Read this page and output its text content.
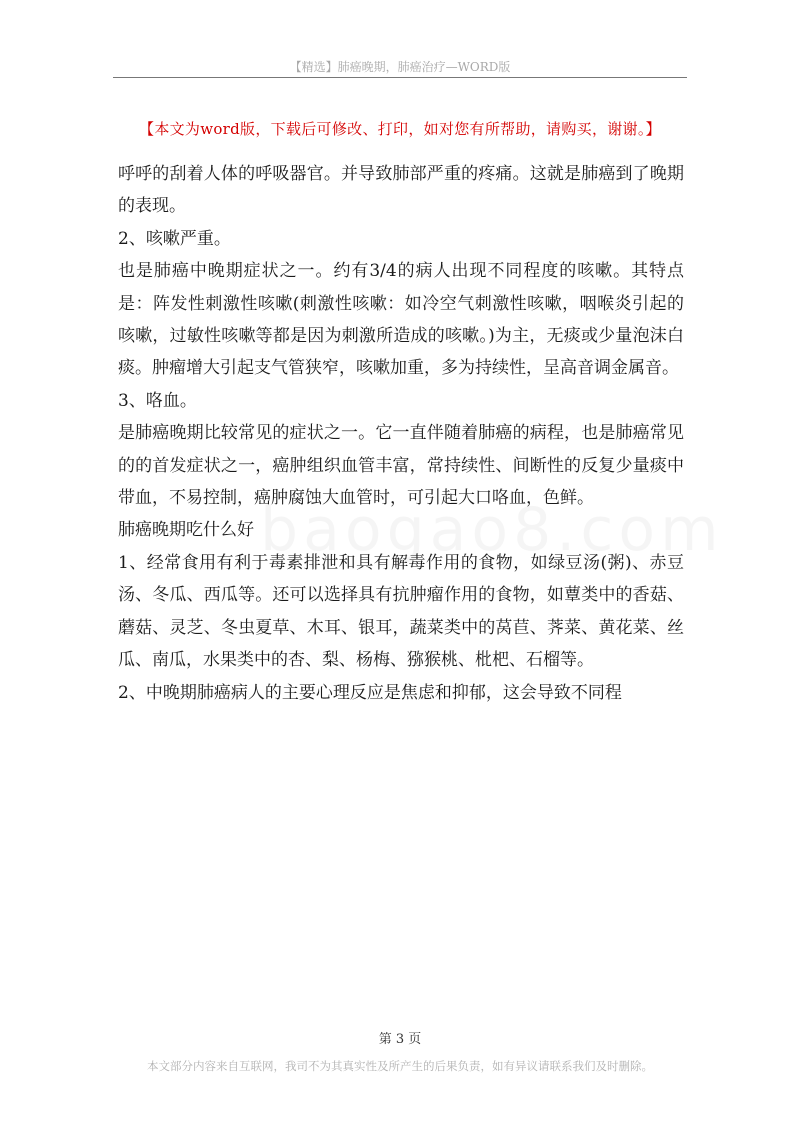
【精选】肺癌晚期，肺癌治疗—WORD版
【本文为word版，下载后可修改、打印，如对您有所帮助，请购买，谢谢。】

呼呼的刮着人体的呼吸器官。并导致肺部严重的疼痛。这就是肺癌到了晚期的表现。

2、咳嗽严重。

也是肺癌中晚期症状之一。约有3/4的病人出现不同程度的咳嗽。其特点是：阵发性刺激性咳嗽(刺激性咳嗽：如冷空气刺激性咳嗽，咽喉炎引起的咳嗽，过敏性咳嗽等都是因为刺激所造成的咳嗽。)为主，无痰或少量泡沫白痰。肿瘤增大引起支气管狭窄，咳嗽加重，多为持续性，呈高音调金属音。

3、咯血。

是肺癌晚期比较常见的症状之一。它一直伴随着肺癌的病程，也是肺癌常见的的首发症状之一，癌肿组织血管丰富，常持续性、间断性的反复少量痰中带血，不易控制，癌肿腐蚀大血管时，可引起大口咯血，色鲜。

肺癌晚期吃什么好

1、经常食用有利于毒素排泄和具有解毒作用的食物，如绿豆汤(粥)、赤豆汤、冬瓜、西瓜等。还可以选择具有抗肿瘤作用的食物，如蕈类中的香菇、蘑菇、灵芝、冬虫夏草、木耳、银耳，蔬菜类中的莴苣、荠菜、黄花菜、丝瓜、南瓜，水果类中的杏、梨、杨梅、猕猴桃、枇杷、石榴等。

2、中晚期肺癌病人的主要心理反应是焦虑和抑郁，这会导致不同程

第 3 页
本文部分内容来自互联网，我司不为其真实性及所产生的后果负责，如有异议请联系我们及时删除。
